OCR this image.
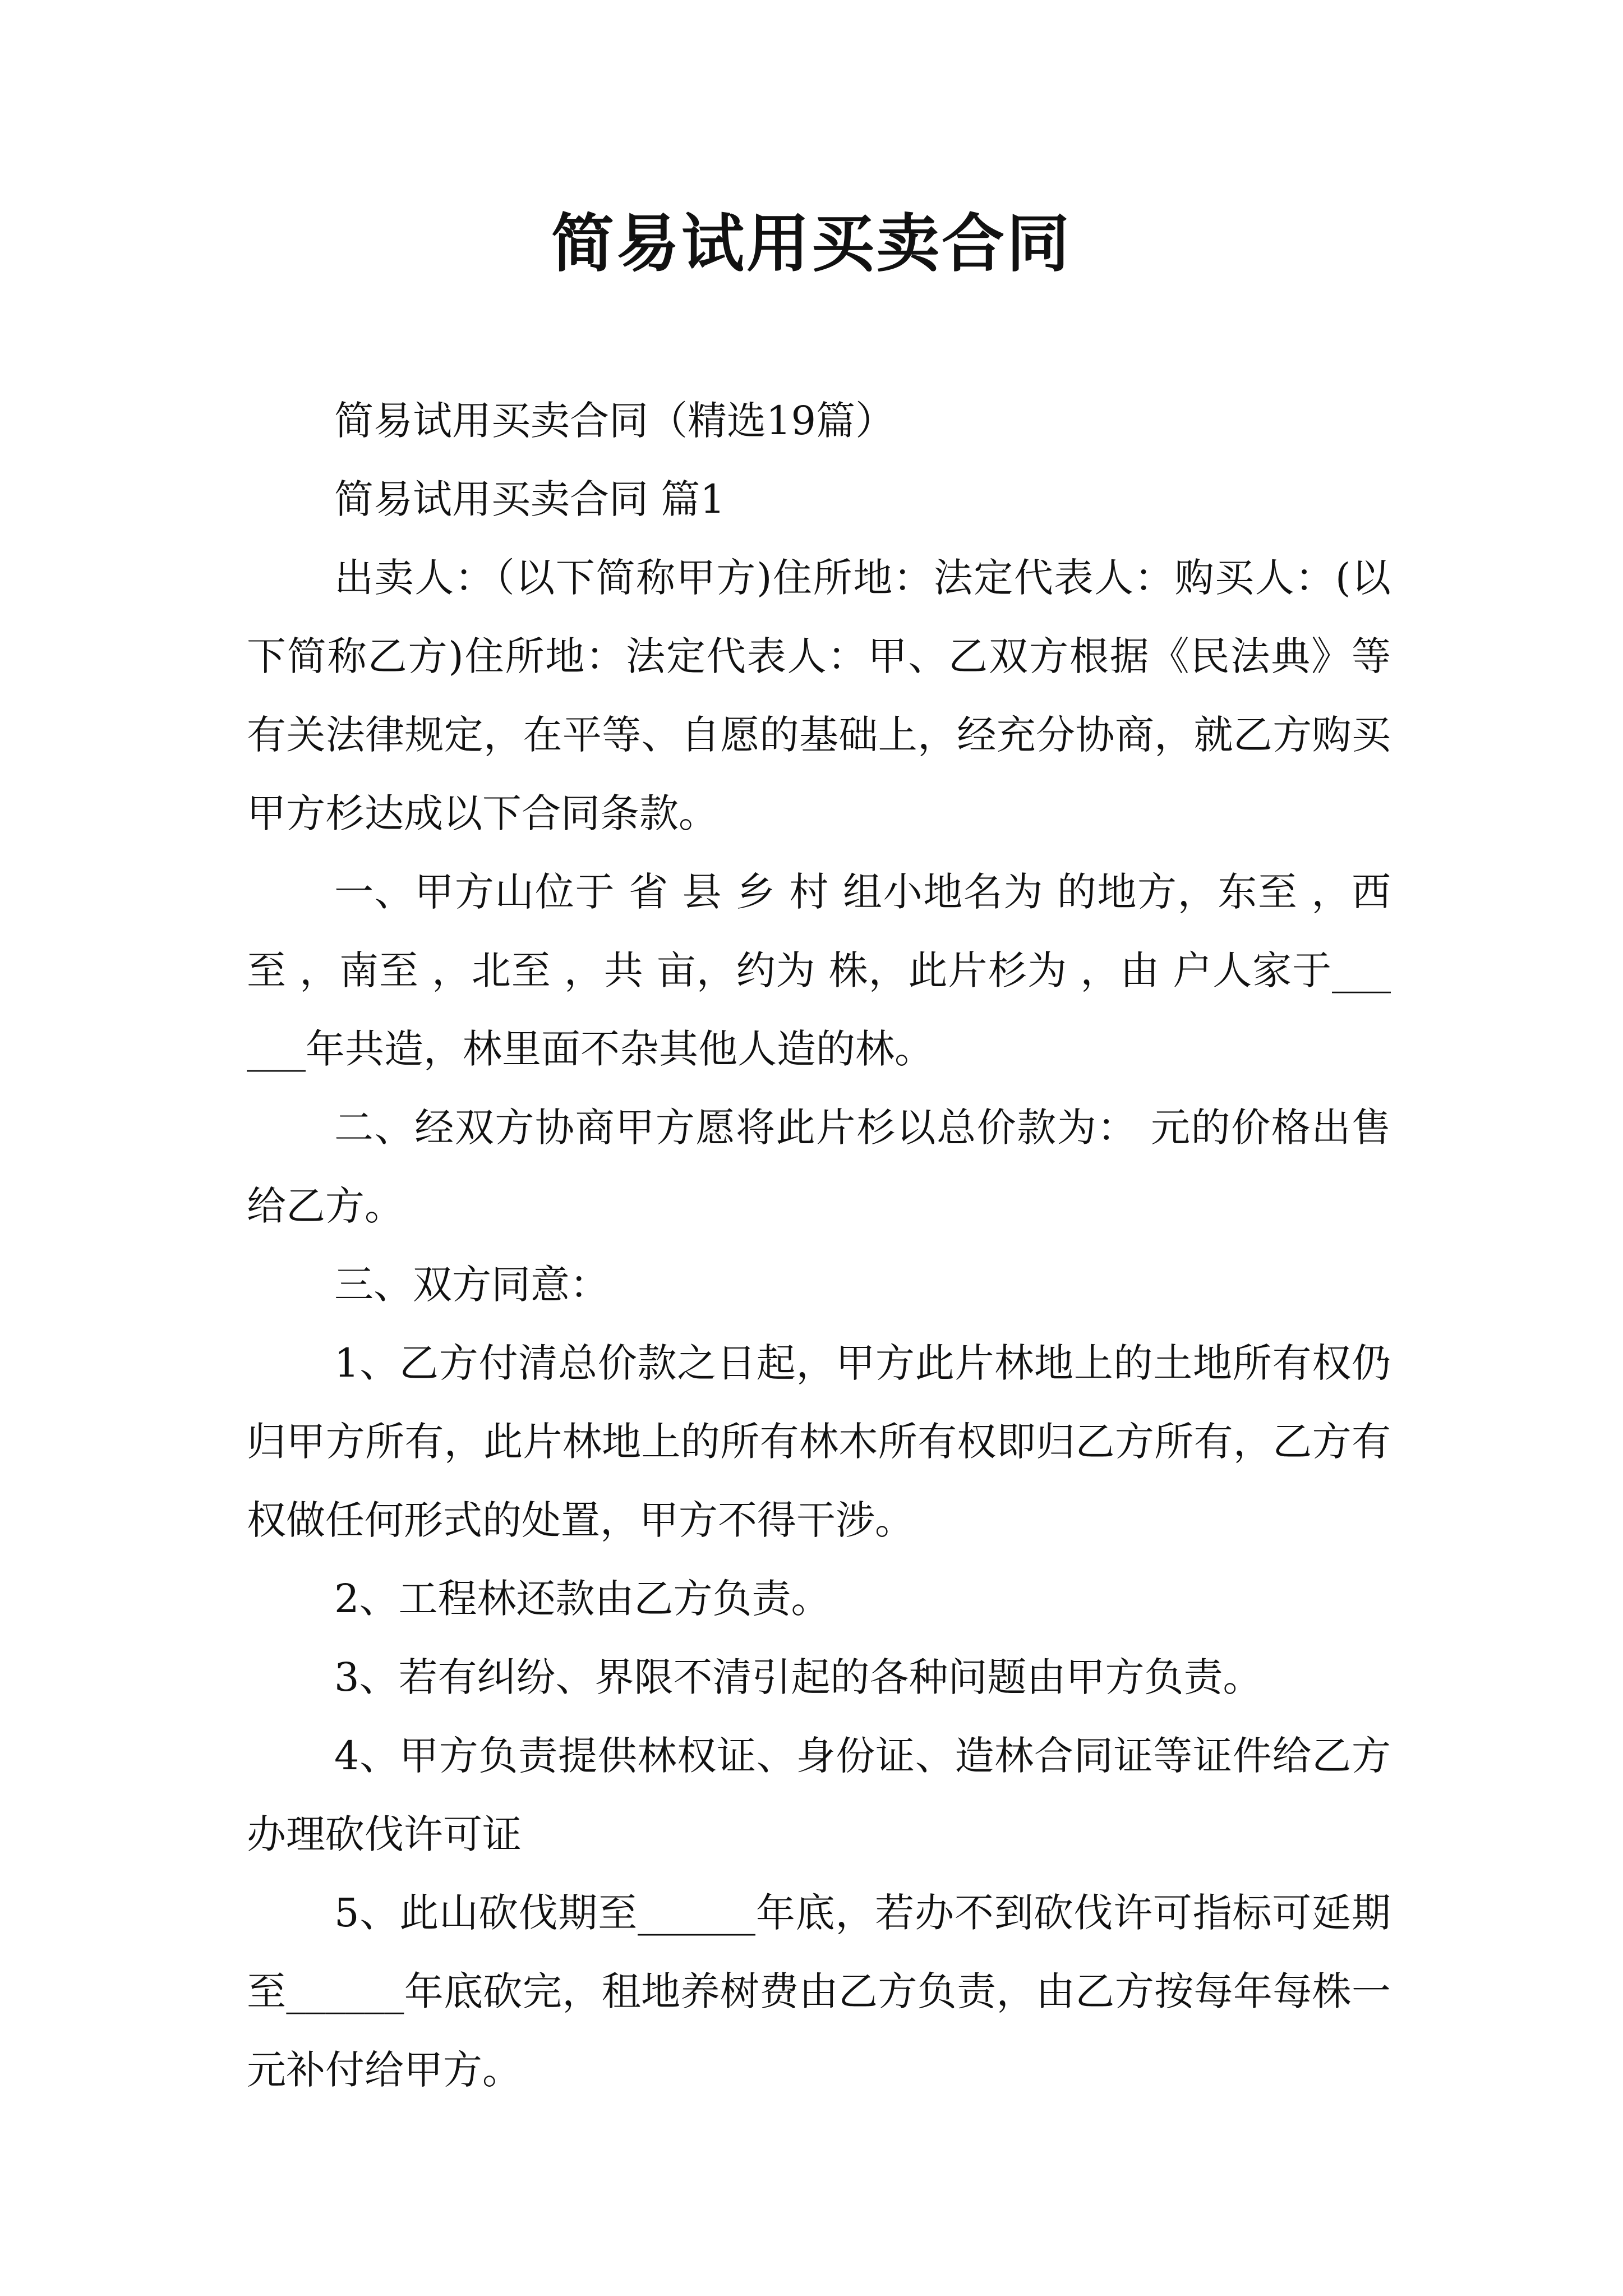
简易试用买卖合同

简易试用买卖合同（精选19篇）

简易试用买卖合同 篇1

出卖人：（以下简称甲方)住所地：法定代表人：购买人：(以下简称乙方)住所地：法定代表人：甲、乙双方根据《民法典》等有关法律规定，在平等、自愿的基础上，经充分协商，就乙方购买甲方杉达成以下合同条款。

一、甲方山位于 省 县 乡 村 组小地名为 的地方，东至 ，西至 ，南至 ，北至 ，共 亩，约为 株，此片杉为 ，由 户人家于______年共造，林里面不杂其他人造的林。

二、经双方协商甲方愿将此片杉以总价款为： 元的价格出售给乙方。

三、双方同意：

1、乙方付清总价款之日起，甲方此片林地上的土地所有权仍归甲方所有，此片林地上的所有林木所有权即归乙方所有，乙方有权做任何形式的处置，甲方不得干涉。

2、工程林还款由乙方负责。

3、若有纠纷、界限不清引起的各种问题由甲方负责。

4、甲方负责提供林权证、身份证、造林合同证等证件给乙方办理砍伐许可证

5、此山砍伐期至______年底，若办不到砍伐许可指标可延期至______年底砍完，租地养树费由乙方负责，由乙方按每年每株一元补付给甲方。
